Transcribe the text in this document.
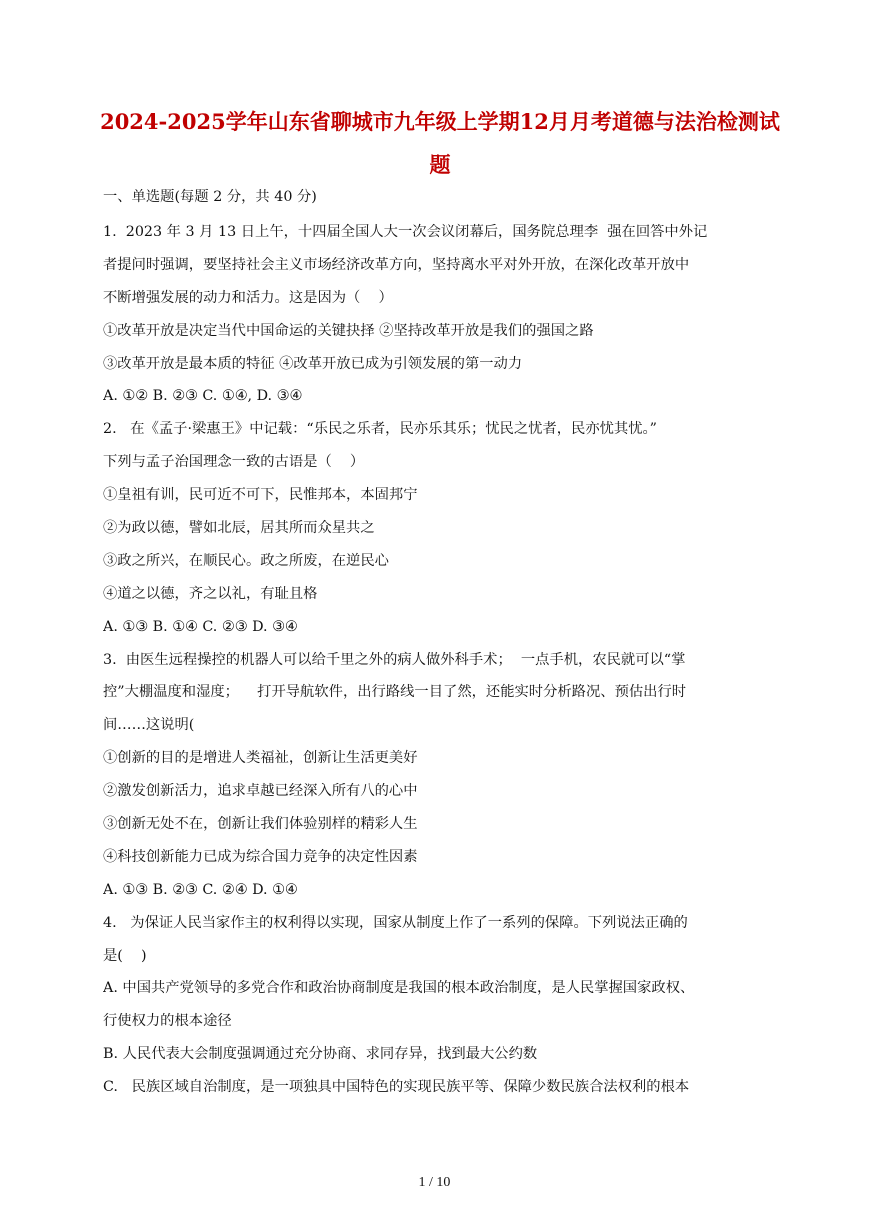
2024-2025学年山东省聊城市九年级上学期12月月考道德与法治检测试题
一、单选题(每题 2 分，共 40 分)
1.  2023 年 3 月 13 日上午，十四届全国人大一次会议闭幕后，国务院总理李  强在回答中外记
者提问时强调，要坚持社会主义市场经济改革方向，坚持离水平对外开放，在深化改革开放中
不断增强发展的动力和活力。这是因为（    ）
①改革开放是决定当代中国命运的关键抉择 ②坚持改革开放是我们的强国之路
③改革开放是最本质的特征 ④改革开放已成为引领发展的第一动力
A. ①② B. ②③ C. ①④, D. ③④
2.   在《孟子·梁惠王》中记载：“乐民之乐者，民亦乐其乐；忧民之忧者，民亦忧其忧。”
下列与孟子治国理念一致的古语是（    ）
①皇祖有训，民可近不可下，民惟邦本，本固邦宁
②为政以德，譬如北辰，居其所而众星共之
③政之所兴，在顺民心。政之所废，在逆民心
④道之以德，齐之以礼，有耻且格
A. ①③ B. ①④ C. ②③ D. ③④
3.  由医生远程操控的机器人可以给千里之外的病人做外科手术；  一点手机，农民就可以“掌
控”大棚温度和湿度；    打开导航软件，出行路线一目了然，还能实时分析路况、预估出行时
间……这说明(
①创新的目的是增进人类福祉，创新让生活更美好
②激发创新活力，追求卓越已经深入所有八的心中
③创新无处不在，创新让我们体验别样的精彩人生
④科技创新能力已成为综合国力竞争的决定性因素
A. ①③ B. ②③ C. ②④ D. ①④
4.   为保证人民当家作主的权利得以实现，国家从制度上作了一系列的保障。下列说法正确的
是(    )
A. 中国共产党领导的多党合作和政治协商制度是我国的根本政治制度，是人民掌握国家政权、
行使权力的根本途径
B. 人民代表大会制度强调通过充分协商、求同存异，找到最大公约数
C.   民族区域自治制度，是一项独具中国特色的实现民族平等、保障少数民族合法权利的根本
1 / 10
